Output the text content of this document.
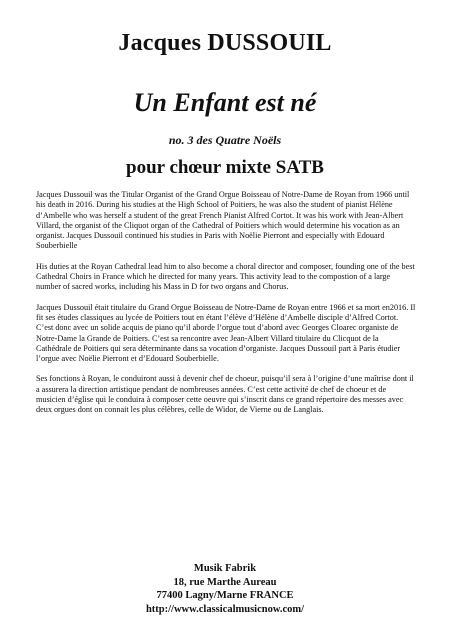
Jacques DUSSOUIL
Un Enfant est né
no. 3 des Quatre Noëls
pour chœur mixte SATB

Jacques Dussouil was the Titular Organist of the Grand Orgue Boisseau of Notre-Dame de Royan from 1966 until his death in 2016. During his studies at the High School of Poitiers, he was also the student of pianist Hélène d’Ambelle who was herself a student of the great French Pianist Alfred Cortot. It was his work with Jean-Albert Villard, the organist of the Cliquot organ of the Cathedral of Poitiers which would determine his vocation as an organist. Jacques Dussouil continued his studies in Paris with Noëlie Pierront and especially with Edouard Souberbielle

His duties at the Royan Cathedral lead him to also become a choral director and composer, founding one of the best Cathedral Choirs in France which he directed for many years. This activity lead to the compostion of a large number of sacred works, including his Mass in D for two organs and Chorus.

Jacques Dussouil était titulaire du Grand Orgue Boisseau de Notre-Dame de Royan entre 1966 et sa mort en2016. Il fit ses études classiques au lycée de Poitiers tout en étant l’élève d’Hélène d’Ambelle disciple d’Alfred Cortot. C’est donc avec un solide acquis de piano qu’il aborde l’orgue tout d’abord avec Georges Cloarec organiste de Notre-Dame la Grande de Poitiers. C’est sa rencontre avec Jean-Albert Villard titulaire du Clicquot de la Cathédrale de Poitiers qui sera déterminante dans sa vocation d’organiste. Jacques Dussouil part à Paris étudier l’orgue avec Noëlie Pierront et d’Edouard Souberbielle.

Ses fonctions à Royan, le conduiront aussi à devenir chef de choeur, puisqu’il sera à l’origine d’une maîtrise dont il a assurera la direction artistique pendant de nombreuses années. C’est cette activité de chef de choeur et de musicien d’église qui le conduira à composer cette oeuvre qui s’inscrit dans ce grand répertoire des messes avec deux orgues dont on connait les plus célèbres, celle de Widor, de Vierne ou de Langlais.

Musik Fabrik
18, rue Marthe Aureau
77400 Lagny/Marne FRANCE
http://www.classicalmusicnow.com/
